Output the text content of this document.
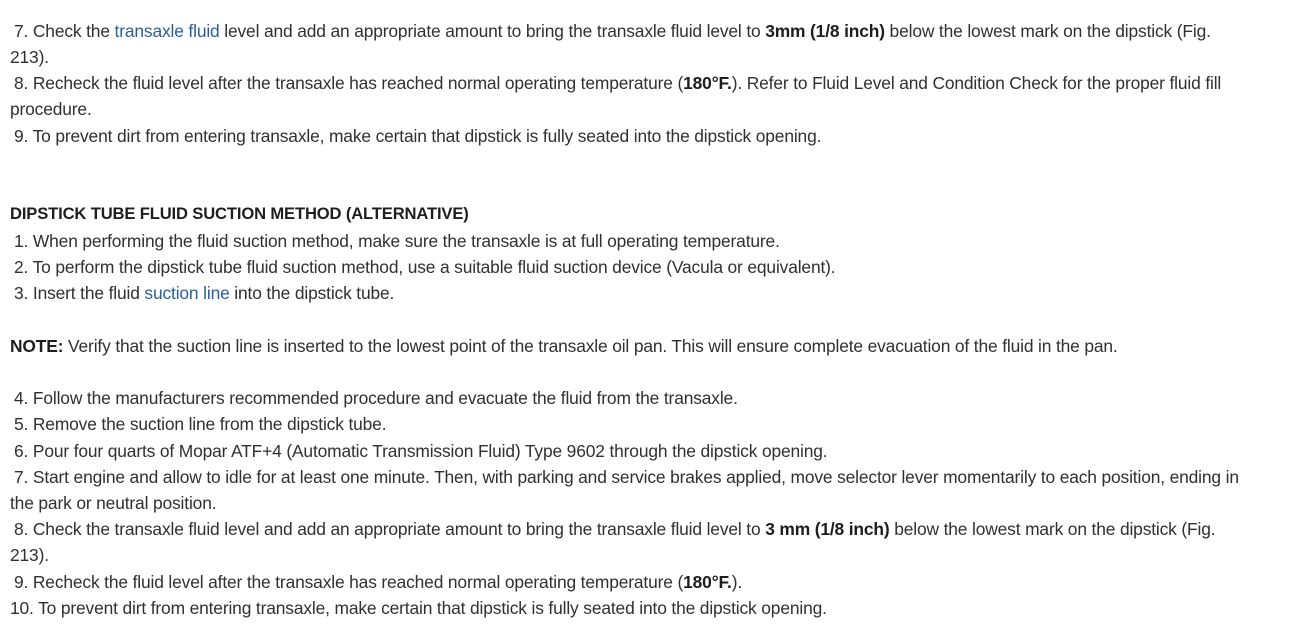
7. Check the transaxle fluid level and add an appropriate amount to bring the transaxle fluid level to 3mm (1/8 inch) below the lowest mark on the dipstick (Fig.
213).
8. Recheck the fluid level after the transaxle has reached normal operating temperature (180°F.). Refer to Fluid Level and Condition Check for the proper fluid fill
procedure.
9. To prevent dirt from entering transaxle, make certain that dipstick is fully seated into the dipstick opening.
DIPSTICK TUBE FLUID SUCTION METHOD (ALTERNATIVE)
1. When performing the fluid suction method, make sure the transaxle is at full operating temperature.
2. To perform the dipstick tube fluid suction method, use a suitable fluid suction device (Vacula or equivalent).
3. Insert the fluid suction line into the dipstick tube.
NOTE: Verify that the suction line is inserted to the lowest point of the transaxle oil pan. This will ensure complete evacuation of the fluid in the pan.
4. Follow the manufacturers recommended procedure and evacuate the fluid from the transaxle.
5. Remove the suction line from the dipstick tube.
6. Pour four quarts of Mopar ATF+4 (Automatic Transmission Fluid) Type 9602 through the dipstick opening.
7. Start engine and allow to idle for at least one minute. Then, with parking and service brakes applied, move selector lever momentarily to each position, ending in
the park or neutral position.
8. Check the transaxle fluid level and add an appropriate amount to bring the transaxle fluid level to 3 mm (1/8 inch) below the lowest mark on the dipstick (Fig.
213).
9. Recheck the fluid level after the transaxle has reached normal operating temperature (180°F.).
10. To prevent dirt from entering transaxle, make certain that dipstick is fully seated into the dipstick opening.
